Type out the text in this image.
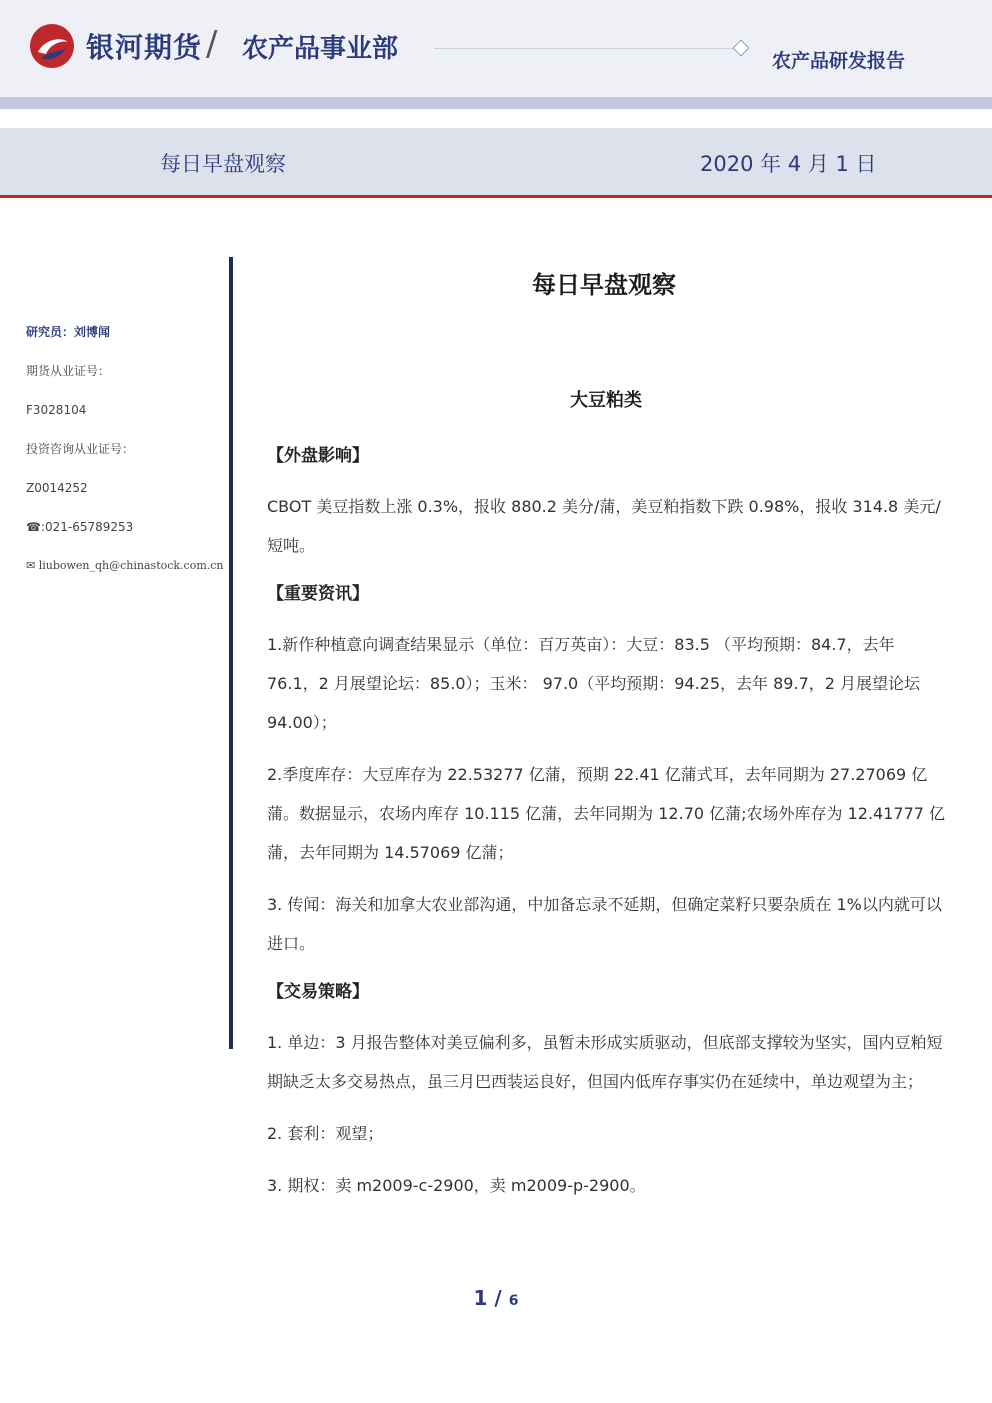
银河期货 / 农产品事业部	农产品研发报告
每日早盘观察	2020 年 4 月 1 日
研究员：刘博闻
期货从业证号：
F3028104
投资咨询从业证号：
Z0014252
☎:021-65789253
✉ liubowen_qh@chinastock.com.cn
每日早盘观察
大豆粕类
【外盘影响】

CBOT 美豆指数上涨 0.3%，报收 880.2 美分/蒲，美豆粕指数下跌 0.98%，报收 314.8 美元/短吨。

【重要资讯】

1.新作种植意向调查结果显示（单位：百万英亩）：大豆：83.5 （平均预期：84.7，去年 76.1，2 月展望论坛：85.0）；玉米： 97.0（平均预期：94.25，去年 89.7，2 月展望论坛 94.00）；

2.季度库存：大豆库存为 22.53277 亿蒲，预期 22.41 亿蒲式耳，去年同期为 27.27069 亿蒲。数据显示，农场内库存 10.115 亿蒲，去年同期为 12.70 亿蒲;农场外库存为 12.41777 亿蒲，去年同期为 14.57069 亿蒲；

3. 传闻：海关和加拿大农业部沟通，中加备忘录不延期，但确定菜籽只要杂质在 1%以内就可以进口。

【交易策略】

1. 单边：3 月报告整体对美豆偏利多，虽暂未形成实质驱动，但底部支撑较为坚实，国内豆粕短期缺乏太多交易热点，虽三月巴西装运良好，但国内低库存事实仍在延续中，单边观望为主；

2. 套利：观望；

3. 期权：卖 m2009-c-2900，卖 m2009-p-2900。

1 / 6
